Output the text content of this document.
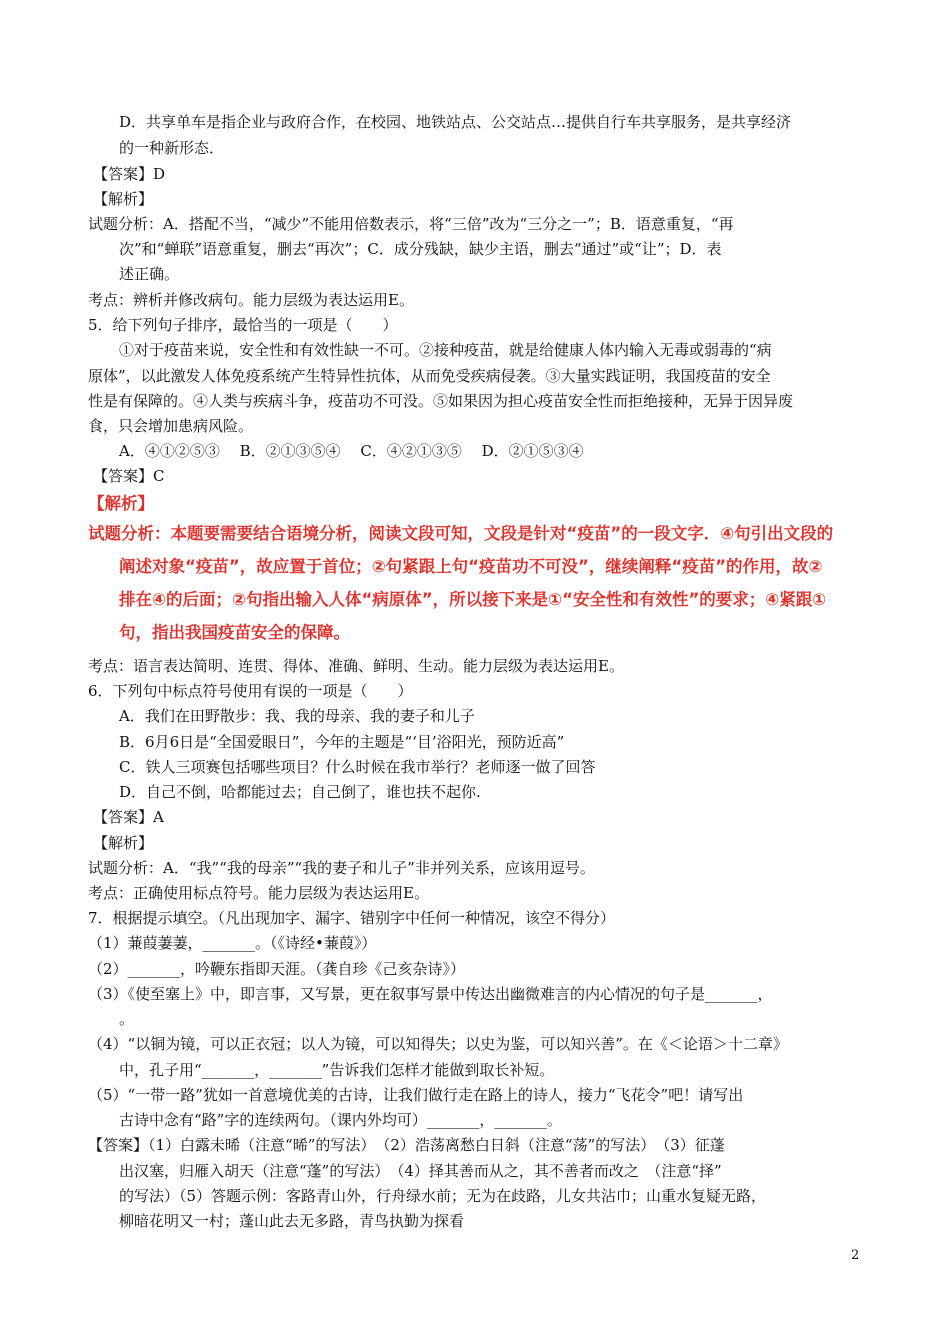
D．共享单车是指企业与政府合作，在校园、地铁站点、公交站点…提供自行车共享服务，是共享经济
的一种新形态．
【答案】D
【解析】
试题分析：A．搭配不当，“减少”不能用倍数表示，将“三倍”改为“三分之一”；B．语意重复，“再
次”和“蝉联”语意重复，删去“再次”；C．成分残缺，缺少主语，删去“通过”或“让”；D．表
述正确。
考点：辨析并修改病句。能力层级为表达运用E。
5．给下列句子排序，最恰当的一项是（　　）
①对于疫苗来说，安全性和有效性缺一不可。②接种疫苗，就是给健康人体内输入无毒或弱毒的“病
原体”，以此激发人体免疫系统产生特异性抗体，从而免受疾病侵袭。③大量实践证明，我国疫苗的安全
性是有保障的。④人类与疾病斗争，疫苗功不可没。⑤如果因为担心疫苗安全性而拒绝接种，无异于因异废
食，只会增加患病风险。
A．④①②⑤③　 B．②①③⑤④　 C．④②①③⑤　 D．②①⑤③④
【答案】C
【解析】
试题分析：本题要需要结合语境分析，阅读文段可知，文段是针对“疫苗”的一段文字．④句引出文段的
阐述对象“疫苗”，故应置于首位；②句紧跟上句“疫苗功不可没”，继续阐释“疫苗”的作用，故②
排在④的后面；②句指出输入人体“病原体”，所以接下来是①“安全性和有效性”的要求；④紧跟①
句，指出我国疫苗安全的保障。
考点：语言表达简明、连贯、得体、准确、鲜明、生动。能力层级为表达运用E。
6．下列句中标点符号使用有误的一项是（　　）
A．我们在田野散步：我、我的母亲、我的妻子和儿子
B．6月6日是“全国爱眼日”，今年的主题是“‘目’浴阳光，预防近高”
C．铁人三项赛包括哪些项目？什么时候在我市举行？老师逐一做了回答
D．自己不倒，哈都能过去；自己倒了，谁也扶不起你.
【答案】A
【解析】
试题分析：A．“我”“我的母亲”“我的妻子和儿子”非并列关系，应该用逗号。
考点：正确使用标点符号。能力层级为表达运用E。
7．根据提示填空。（凡出现加字、漏字、错别字中任何一种情况，该空不得分）
（1）蒹葭萋萋，_______。（《诗经•蒹葭》）
（2）_______，吟鞭东指即天涯。（龚自珍《己亥杂诗》）
（3）《使至塞上》中，即言事，又写景，更在叙事写景中传达出幽微难言的内心情况的句子是_______，
。
（4）“以铜为镜，可以正衣冠；以人为镜，可以知得失；以史为鉴，可以知兴善”。在《＜论语＞十二章》
中，孔子用“_______，_______”告诉我们怎样才能做到取长补短。
（5）“一带一路”犹如一首意境优美的古诗，让我们做行走在路上的诗人，接力“飞花令”吧！请写出
古诗中念有“路”字的连续两句。（课内外均可）_______，_______。
【答案】（1）白露未晞（注意“晞”的写法）　（2）浩荡离愁白日斜（注意“荡”的写法）　（3）征蓬
出汉塞，归雁入胡天（注意“蓬”的写法）　（4）择其善而从之，其不善者而改之　（注意“择”
的写法）（5）答题示例：客路青山外，行舟绿水前；无为在歧路，儿女共沾巾；山重水复疑无路，
柳暗花明又一村；蓬山此去无多路，青鸟执勤为探看
2
